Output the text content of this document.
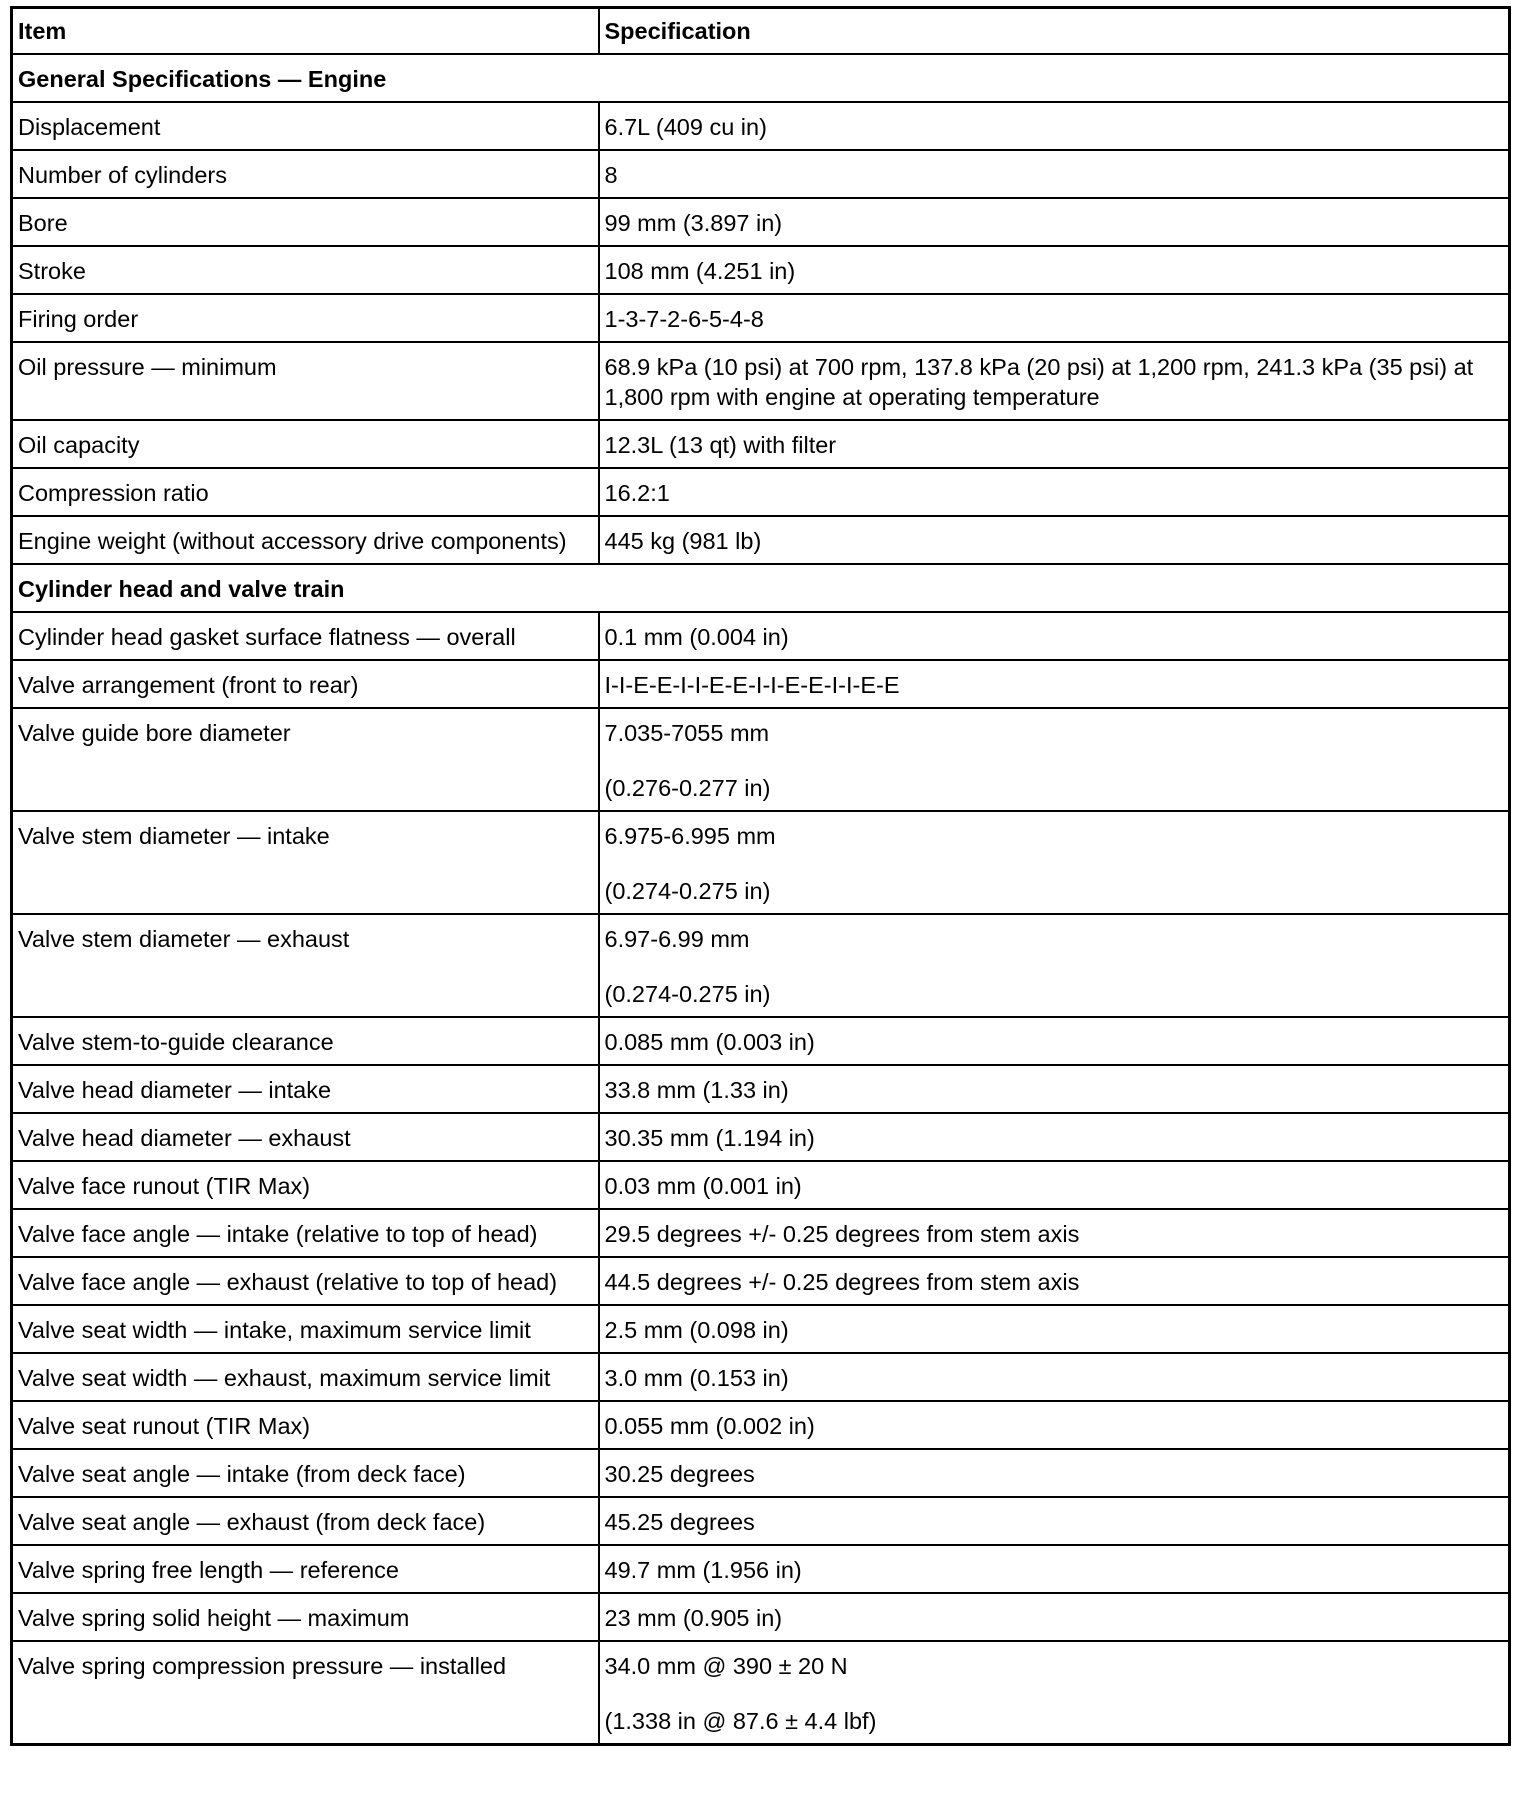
Item	Specification
General Specifications — Engine	
Displacement	6.7L (409 cu in)
Number of cylinders	8
Bore	99 mm (3.897 in)
Stroke	108 mm (4.251 in)
Firing order	1-3-7-2-6-5-4-8
Oil pressure — minimum	68.9 kPa (10 psi) at 700 rpm, 137.8 kPa (20 psi) at 1,200 rpm, 241.3 kPa (35 psi) at 1,800 rpm with engine at operating temperature
Oil capacity	12.3L (13 qt) with filter
Compression ratio	16.2:1
Engine weight (without accessory drive components)	445 kg (981 lb)
Cylinder head and valve train	
Cylinder head gasket surface flatness — overall	0.1 mm (0.004 in)
Valve arrangement (front to rear)	I-I-E-E-I-I-E-E-I-I-E-E-I-I-E-E
Valve guide bore diameter	7.035-7055 mm
(0.276-0.277 in)

Valve stem diameter — intake	6.975-6.995 mm
(0.274-0.275 in)

Valve stem diameter — exhaust	6.97-6.99 mm
(0.274-0.275 in)

Valve stem-to-guide clearance	0.085 mm (0.003 in)
Valve head diameter — intake	33.8 mm (1.33 in)
Valve head diameter — exhaust	30.35 mm (1.194 in)
Valve face runout (TIR Max)	0.03 mm (0.001 in)
Valve face angle — intake (relative to top of head)	29.5 degrees +/- 0.25 degrees from stem axis
Valve face angle — exhaust (relative to top of head)	44.5 degrees +/- 0.25 degrees from stem axis
Valve seat width — intake, maximum service limit	2.5 mm (0.098 in)
Valve seat width — exhaust, maximum service limit	3.0 mm (0.153 in)
Valve seat runout (TIR Max)	0.055 mm (0.002 in)
Valve seat angle — intake (from deck face)	30.25 degrees
Valve seat angle — exhaust (from deck face)	45.25 degrees
Valve spring free length — reference	49.7 mm (1.956 in)
Valve spring solid height — maximum	23 mm (0.905 in)
Valve spring compression pressure — installed	34.0 mm @ 390 ± 20 N
(1.338 in @ 87.6 ± 4.4 lbf)
